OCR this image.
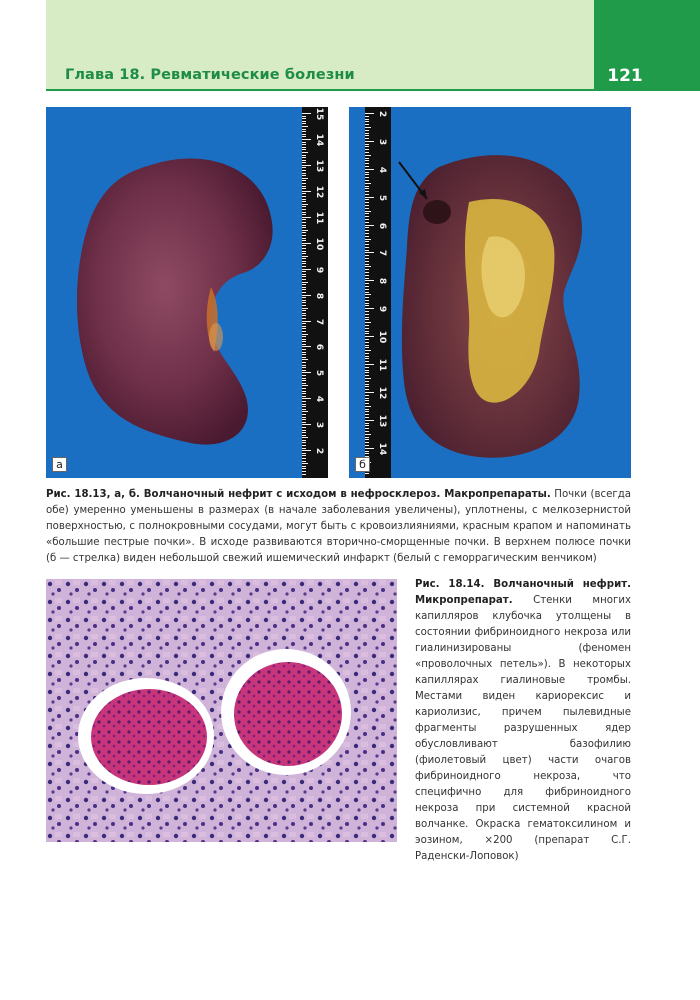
Глава 18. Ревматические болезни	121
15
14
13
12
11
10
9
8
7
6
5
4
3
2
а
2
3
4
5
6
7
8
9
10
11
12
13
14
б
Рис. 18.13, а, б. Волчаночный нефрит с исходом в нефросклероз. Макропрепараты. Почки (всегда обе) умеренно уменьшены в размерах (в начале заболевания увеличены), уплотнены, с мелкозернистой поверхностью, с полнокровными сосудами, могут быть с кровоизлияниями, красным крапом и напоминать «большие пестрые почки». В исходе развиваются вторично-сморщенные почки. В верхнем полюсе почки (б — стрелка) виден небольшой свежий ишемический инфаркт (белый с геморрагическим венчиком)
Рис. 18.14. Волчаночный нефрит. Микропрепарат. Стенки многих капилляров клубочка утолщены в состоянии фибриноидного некроза или гиалинизированы (феномен «проволочных петель»). В некоторых капиллярах гиалиновые тромбы. Местами виден кариорексис и кариолизис, причем пылевидные фрагменты разрушенных ядер обусловливают базофилию (фиолетовый цвет) части очагов фибриноидного некроза, что специфично для фибриноидного некроза при системной красной волчанке. Окраска гематоксилином и эозином, ×200 (препарат С.Г. Раденски-Лоповок)
